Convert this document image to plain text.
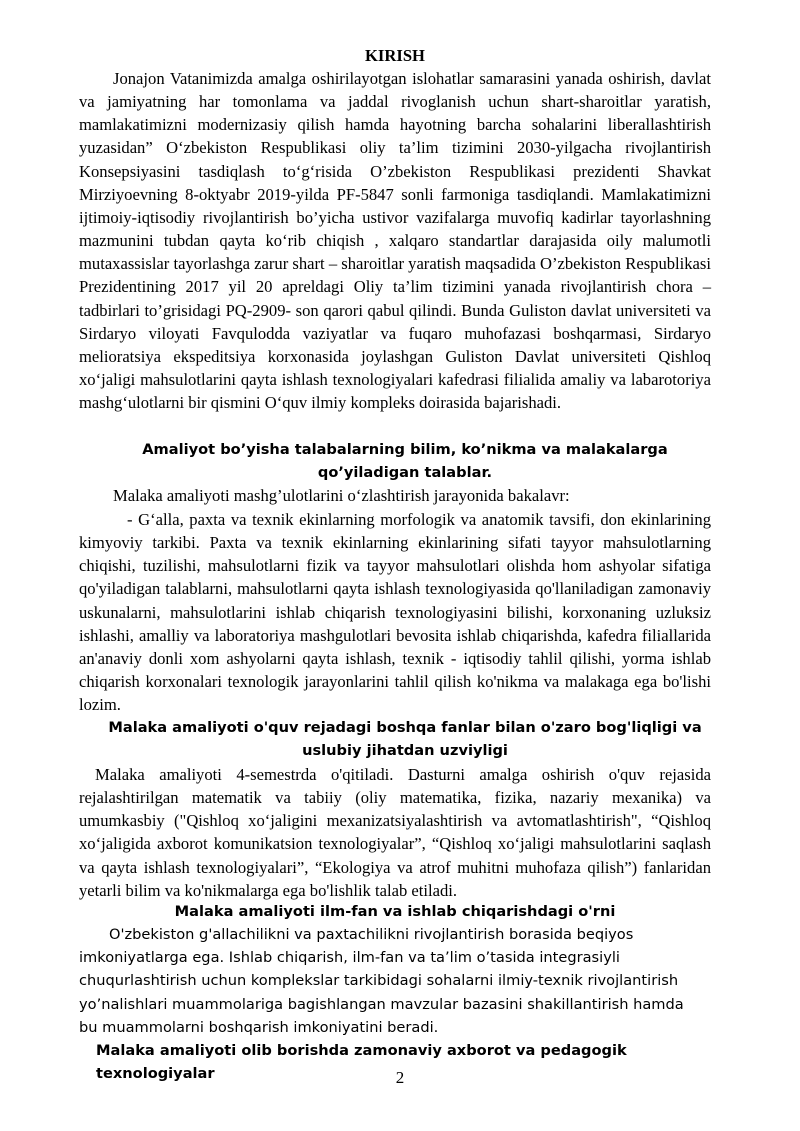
KIRISH

Jonajon Vatanimizda amalga oshirilayotgan islohatlar samarasini yanada oshirish, davlat va jamiyatning har tomonlama va jaddal rivoglanish uchun shart-sharoitlar yaratish, mamlakatimizni modernizasiy qilish hamda hayotning barcha sohalarini liberallashtirish yuzasidan” O‘zbekiston Respublikasi oliy ta’lim tizimini 2030-yilgacha rivojlantirish Konsepsiyasini tasdiqlash to‘g‘risida O’zbekiston Respublikasi prezidenti Shavkat Mirziyoevning 8-oktyabr 2019-yilda PF-5847 sonli farmoniga tasdiqlandi. Mamlakatimizni ijtimoiy-iqtisodiy rivojlantirish bo’yicha ustivor vazifalarga muvofiq kadirlar tayorlashning mazmunini tubdan qayta ko‘rib chiqish , xalqaro standartlar darajasida oily malumotli mutaxassislar tayorlashga zarur shart – sharoitlar yaratish maqsadida O’zbekiston Respublikasi Prezidentining 2017 yil 20 apreldagi Oliy ta’lim tizimini yanada rivojlantirish chora – tadbirlari to’grisidagi PQ-2909- son qarori qabul qilindi. Bunda Guliston davlat universiteti va Sirdaryo viloyati Favqulodda vaziyatlar va fuqaro muhofazasi boshqarmasi, Sirdaryo melioratsiya ekspeditsiya korxonasida joylashgan Guliston Davlat universiteti Qishloq xo‘jaligi mahsulotlarini qayta ishlash texnologiyalari kafedrasi filialida amaliy va labarotoriya mashg‘ulotlarni bir qismini O‘quv ilmiy kompleks doirasida bajarishadi.

Amaliyot bo’yisha talabalarning bilim, ko’nikma va malakalarga qo’yiladigan talablar.

Malaka amaliyoti mashg’ulotlarini o‘zlashtirish jarayonida bakalavr:

- G‘alla, paxta va texnik ekinlarning morfologik va anatomik tavsifi, don ekinlarining kimyoviy tarkibi. Paxta va texnik ekinlarning ekinlarining sifati tayyor mahsulotlarning chiqishi, tuzilishi, mahsulotlarni fizik va tayyor mahsulotlari olishda hom ashyolar sifatiga qo'yiladigan talablarni, mahsulotlarni qayta ishlash texnologiyasida qo'llaniladigan zamonaviy uskunalarni, mahsulotlarini ishlab chiqarish texnologiyasini bilishi, korxonaning uzluksiz ishlashi, amalliy va laboratoriya mashgulotlari bevosita ishlab chiqarishda, kafedra filiallarida an'anaviy donli xom ashyolarni qayta ishlash, texnik - iqtisodiy tahlil qilishi, yorma ishlab chiqarish korxonalari texnologik jarayonlarini tahlil qilish ko'nikma va malakaga ega bo'lishi lozim.

Malaka amaliyoti o'quv rejadagi boshqa fanlar bilan o'zaro bog'liqligi va uslubiy jihatdan uzviyligi

Malaka amaliyoti 4-semestrda o'qitiladi. Dasturni amalga oshirish o'quv rejasida rejalashtirilgan matematik va tabiiy (oliy matematika, fizika, nazariy mexanika) va umumkasbiy ("Qishloq xo‘jaligini mexanizatsiyalashtirish va avtomatlashtirish", “Qishloq xo‘jaligida axborot komunikatsion texnologiyalar”, “Qishloq xo‘jaligi mahsulotlarini saqlash va qayta ishlash texnologiyalari”, “Ekologiya va atrof muhitni muhofaza qilish”) fanlaridan yetarli bilim va ko'nikmalarga ega bo'lishlik talab etiladi.

Malaka amaliyoti ilm-fan va ishlab chiqarishdagi o'rni

O'zbekiston g'allachilikni va paxtachilikni rivojlantirish borasida beqiyos imkoniyatlarga ega. Ishlab chiqarish, ilm-fan va ta’lim o’tasida integrasiyli chuqurlashtirish uchun komplekslar tarkibidagi sohalarni ilmiy-texnik rivojlantirish yo’nalishlari muammolariga bagishlangan mavzular bazasini shakillantirish hamda bu muammolarni boshqarish imkoniyatini beradi.

Malaka amaliyoti olib borishda zamonaviy axborot va pedagogik texnologiyalar	2
